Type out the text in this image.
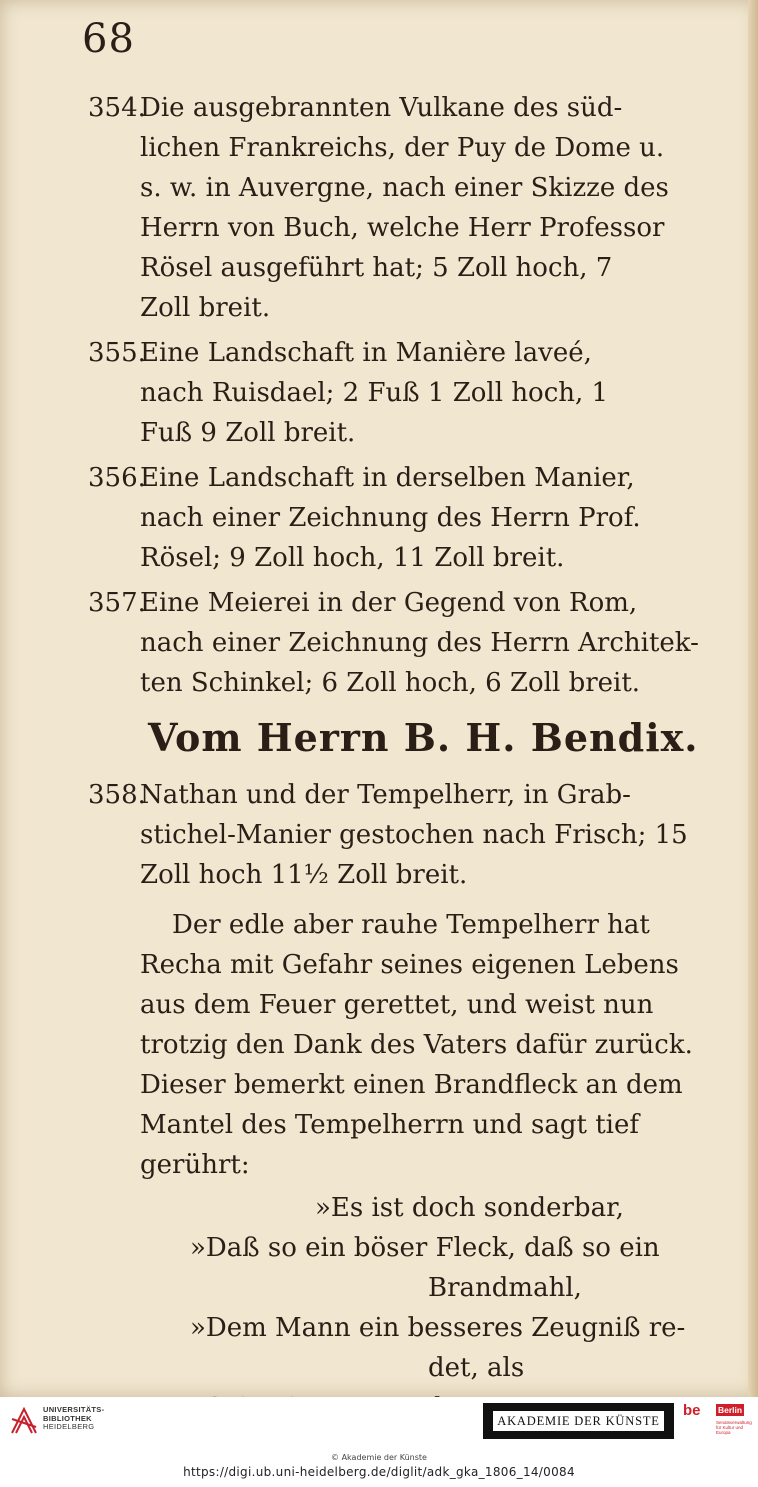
68
354.
Die ausgebrannten Vulkane des süd-
lichen Frankreichs, der Puy de Dome u.
s. w. in Auvergne, nach einer Skizze des
Herrn von Buch, welche Herr Professor
Rösel ausgeführt hat; 5 Zoll hoch, 7
Zoll breit.
355.
Eine Landschaft in Manière laveé,
nach Ruisdael; 2 Fuß 1 Zoll hoch, 1
Fuß 9 Zoll breit.
356.
Eine Landschaft in derselben Manier,
nach einer Zeichnung des Herrn Prof.
Rösel; 9 Zoll hoch, 11 Zoll breit.
357.
Eine Meierei in der Gegend von Rom,
nach einer Zeichnung des Herrn Architek-
ten Schinkel; 6 Zoll hoch, 6 Zoll breit.
Vom Herrn B. H. Bendix.
358.
Nathan und der Tempelherr, in Grab-
stichel-Manier gestochen nach Frisch; 15
Zoll hoch 11½ Zoll breit.
Der edle aber rauhe Tempelherr hat
Recha mit Gefahr seines eigenen Lebens
aus dem Feuer gerettet, und weist nun
trotzig den Dank des Vaters dafür zurück.
Dieser bemerkt einen Brandfleck an dem
Mantel des Tempelherrn und sagt tief
gerührt:
»Es ist doch sonderbar,
»Daß so ein böser Fleck, daß so ein
Brandmahl,
»Dem Mann ein besseres Zeugniß re-
det, als
UNIVERSITÄTS-
BIBLIOTHEK
HEIDELBERG	AKADEMIE DER KÜNSTE
be Berlin
Senatsverwaltung
für Kultur und Europa
© Akademie der Künste
https://digi.ub.uni-heidelberg.de/diglit/adk_gka_1806_14/0084
